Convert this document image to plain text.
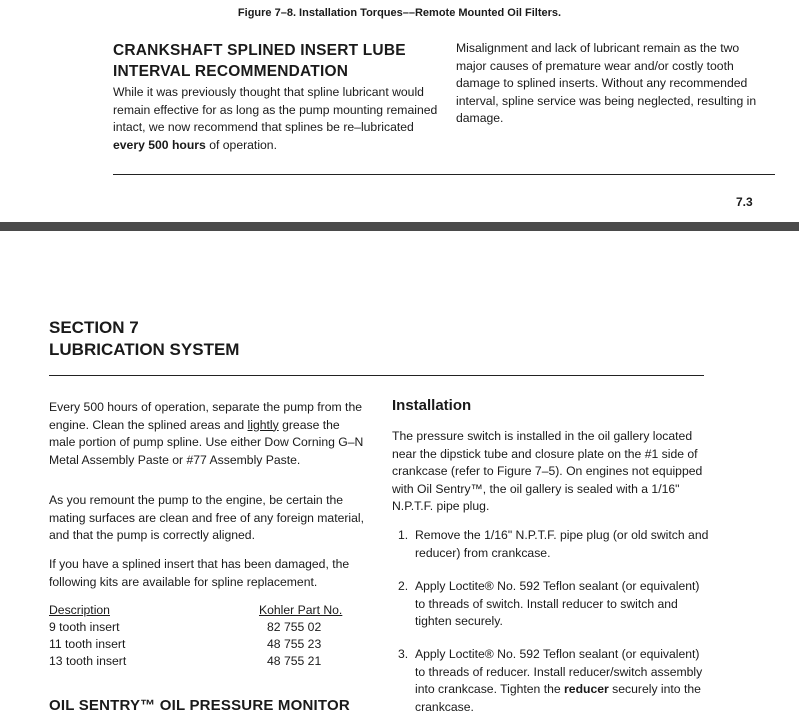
Figure 7–8. Installation Torques––Remote Mounted Oil Filters.
CRANKSHAFT SPLINED INSERT LUBE
INTERVAL RECOMMENDATION
While it was previously thought that spline lubricant would remain effective for as long as the pump mounting remained intact, we now recommend that splines be re–lubricated every 500 hours of operation.
Misalignment and lack of lubricant remain as the two major causes of premature wear and/or costly tooth damage to splined inserts. Without any recommended interval, spline service was being neglected, resulting in damage.
7.3
SECTION 7
LUBRICATION SYSTEM
Every 500 hours of operation, separate the pump from the engine. Clean the splined areas and lightly grease the male portion of pump spline. Use either Dow Corning G–N Metal Assembly Paste or #77 Assembly Paste.
As you remount the pump to the engine, be certain the mating surfaces are clean and free of any foreign material, and that the pump is correctly aligned.
If you have a splined insert that has been damaged, the following kits are available for spline replacement.
Description	Kohler Part No.
9 tooth insert	82 755 02
11 tooth insert	48 755 23
13 tooth insert	48 755 21
OIL SENTRY™ OIL PRESSURE MONITOR
Installation
The pressure switch is installed in the oil gallery located near the dipstick tube and closure plate on the #1 side of crankcase (refer to Figure 7–5). On engines not equipped with Oil Sentry™, the oil gallery is sealed with a 1/16" N.P.T.F. pipe plug.
1. Remove the 1/16" N.P.T.F. pipe plug (or old switch and reducer) from crankcase.
2. Apply Loctite® No. 592 Teflon sealant (or equivalent) to threads of switch. Install reducer to switch and tighten securely.
3. Apply Loctite® No. 592 Teflon sealant (or equivalent) to threads of reducer. Install reducer/switch assembly into crankcase. Tighten the reducer securely into the crankcase.
